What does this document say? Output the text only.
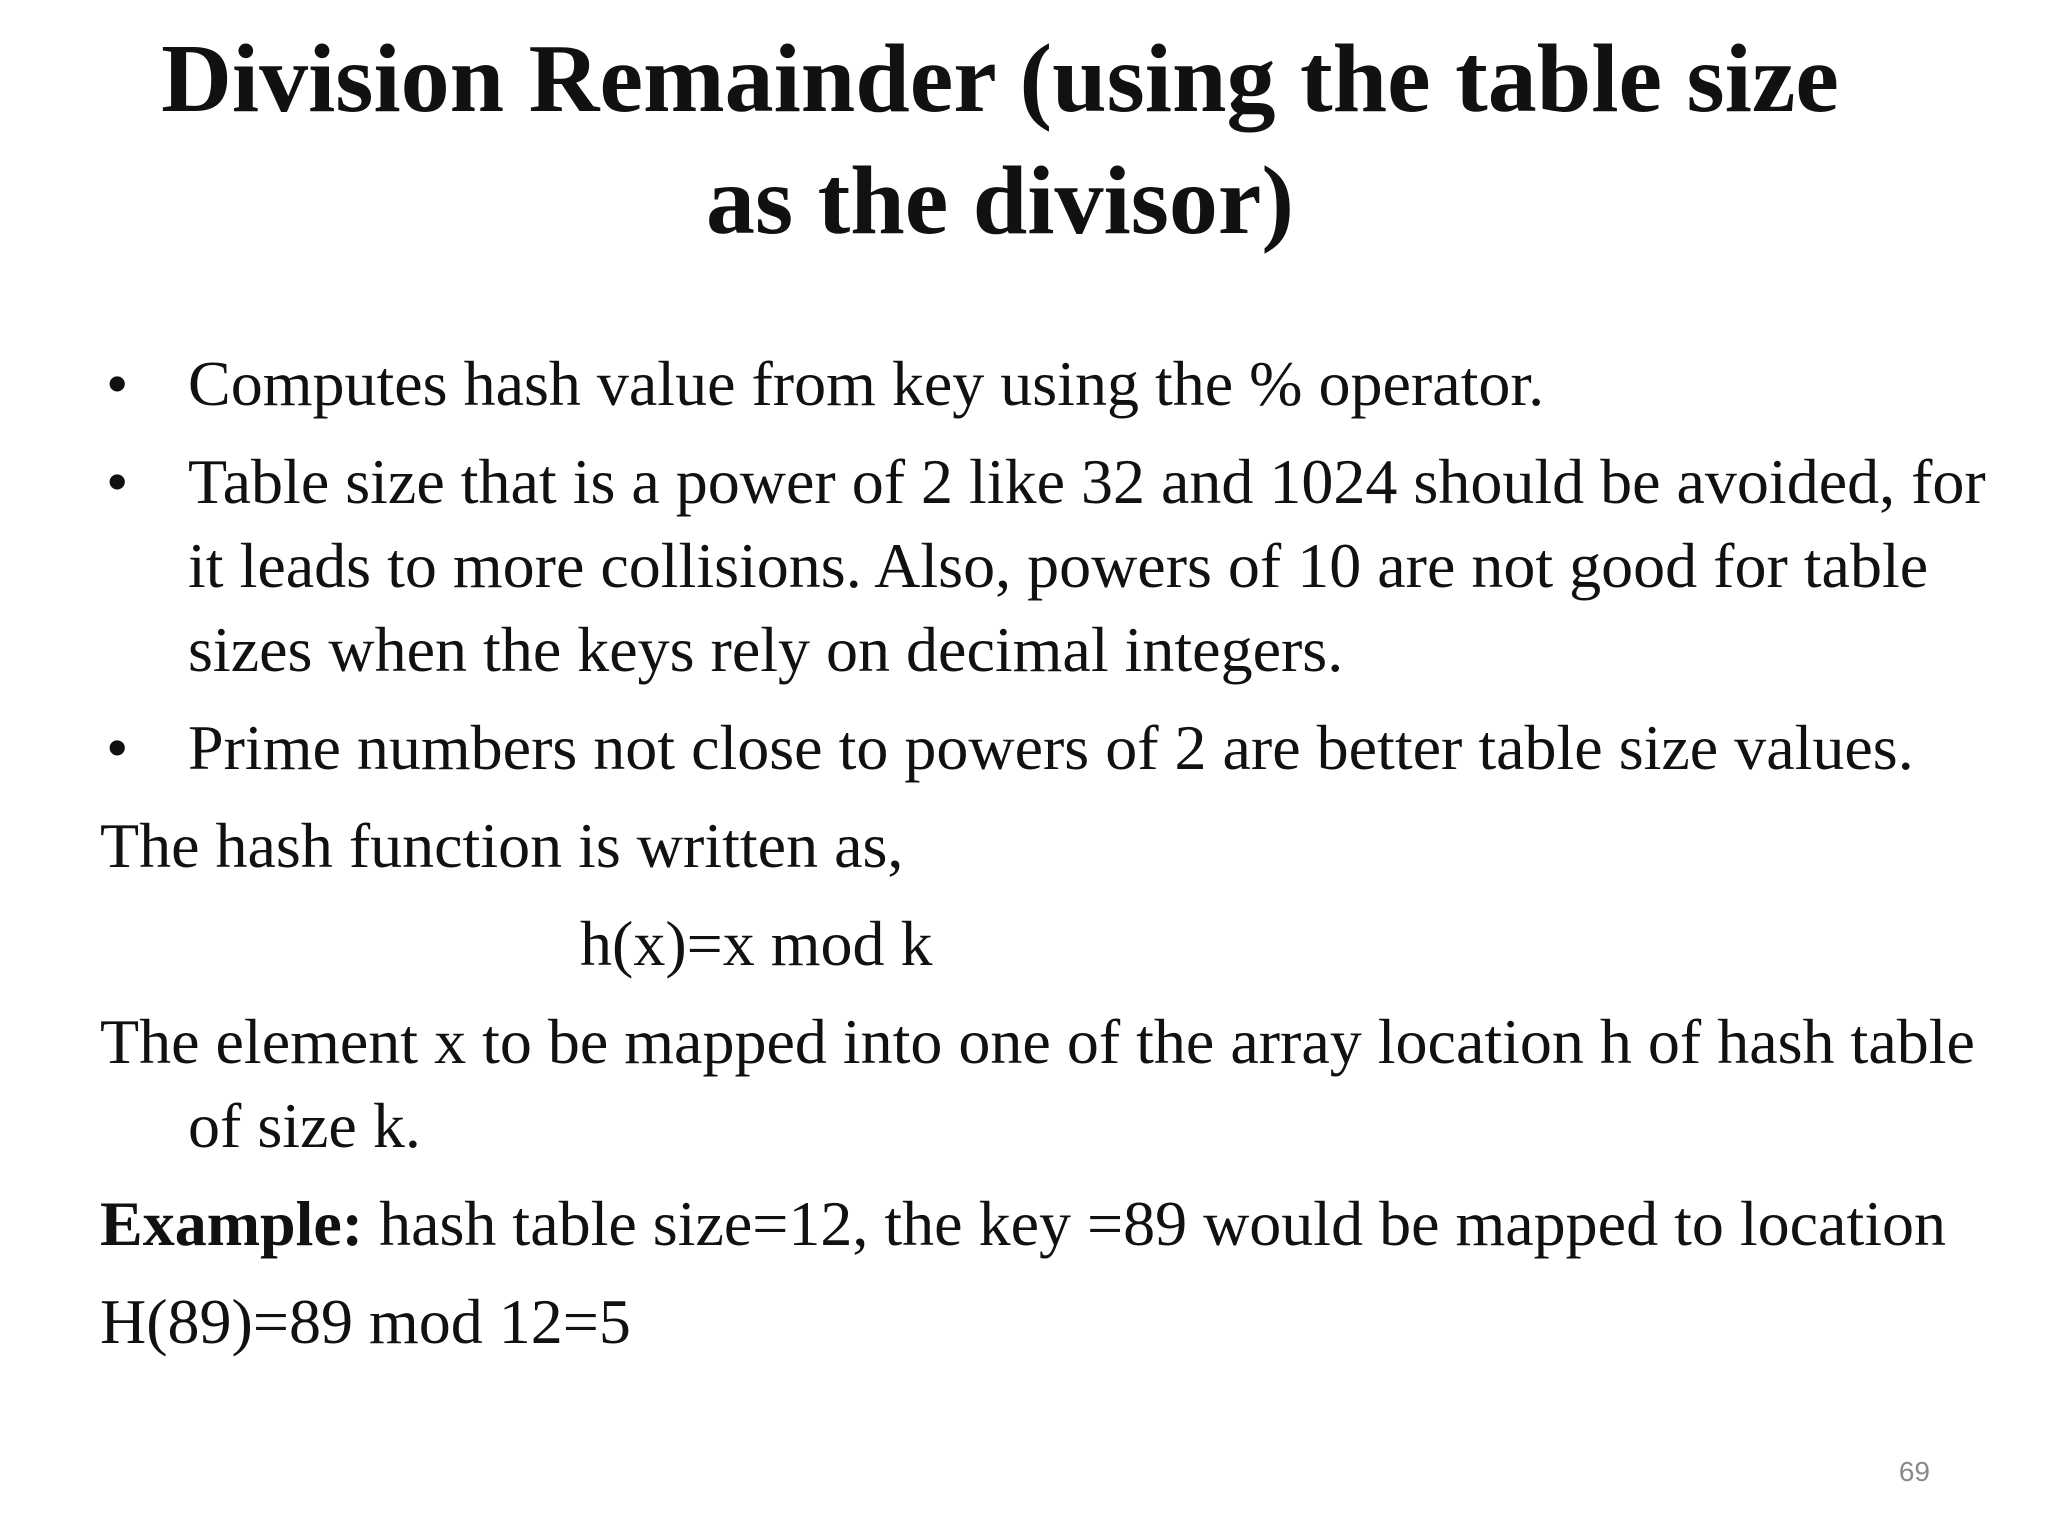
Division Remainder (using the table size
as the divisor)
• Computes hash value from key using the % operator.
• Table size that is a power of 2 like 32 and 1024 should be avoided, for it leads to more collisions. Also, powers of 10 are not good for table sizes when the keys rely on decimal integers.
• Prime numbers not close to powers of 2 are better table size values.
The hash function is written as,
h(x)=x mod k
The element x to be mapped into one of the array location h of hash table of size k.
Example: hash table size=12, the key =89 would be mapped to location
H(89)=89 mod 12=5
69
